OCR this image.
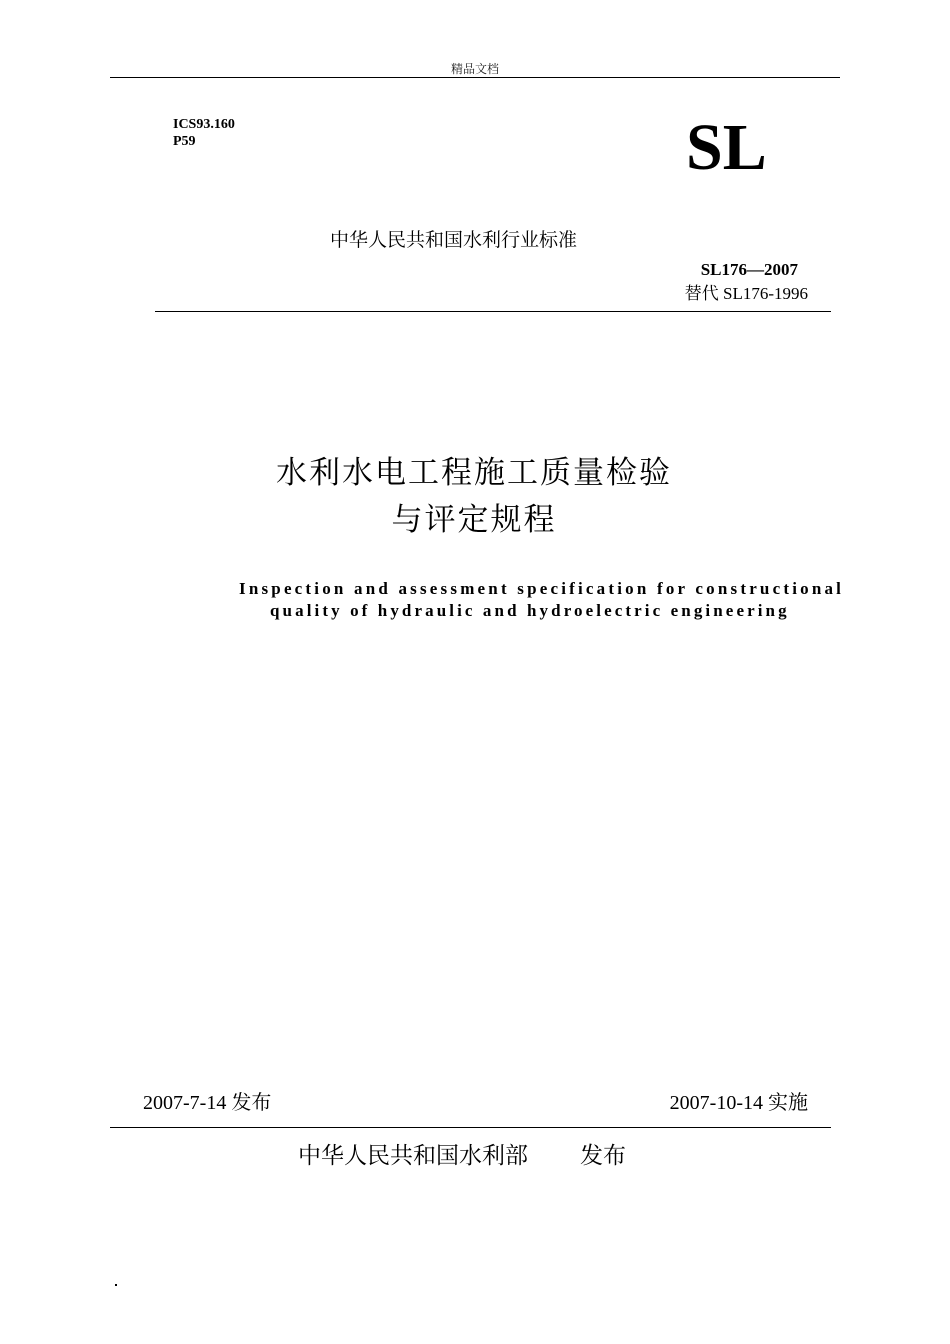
精品文档
ICS93.160
P59	SL
中华人民共和国水利行业标准
SL176—2007
替代 SL176-1996
水利水电工程施工质量检验
与评定规程
Inspection and assessment specification for constructional
quality of hydraulic and hydroelectric engineering
2007-7-14 发布	2007-10-14 实施
中华人民共和国水利部 发布
